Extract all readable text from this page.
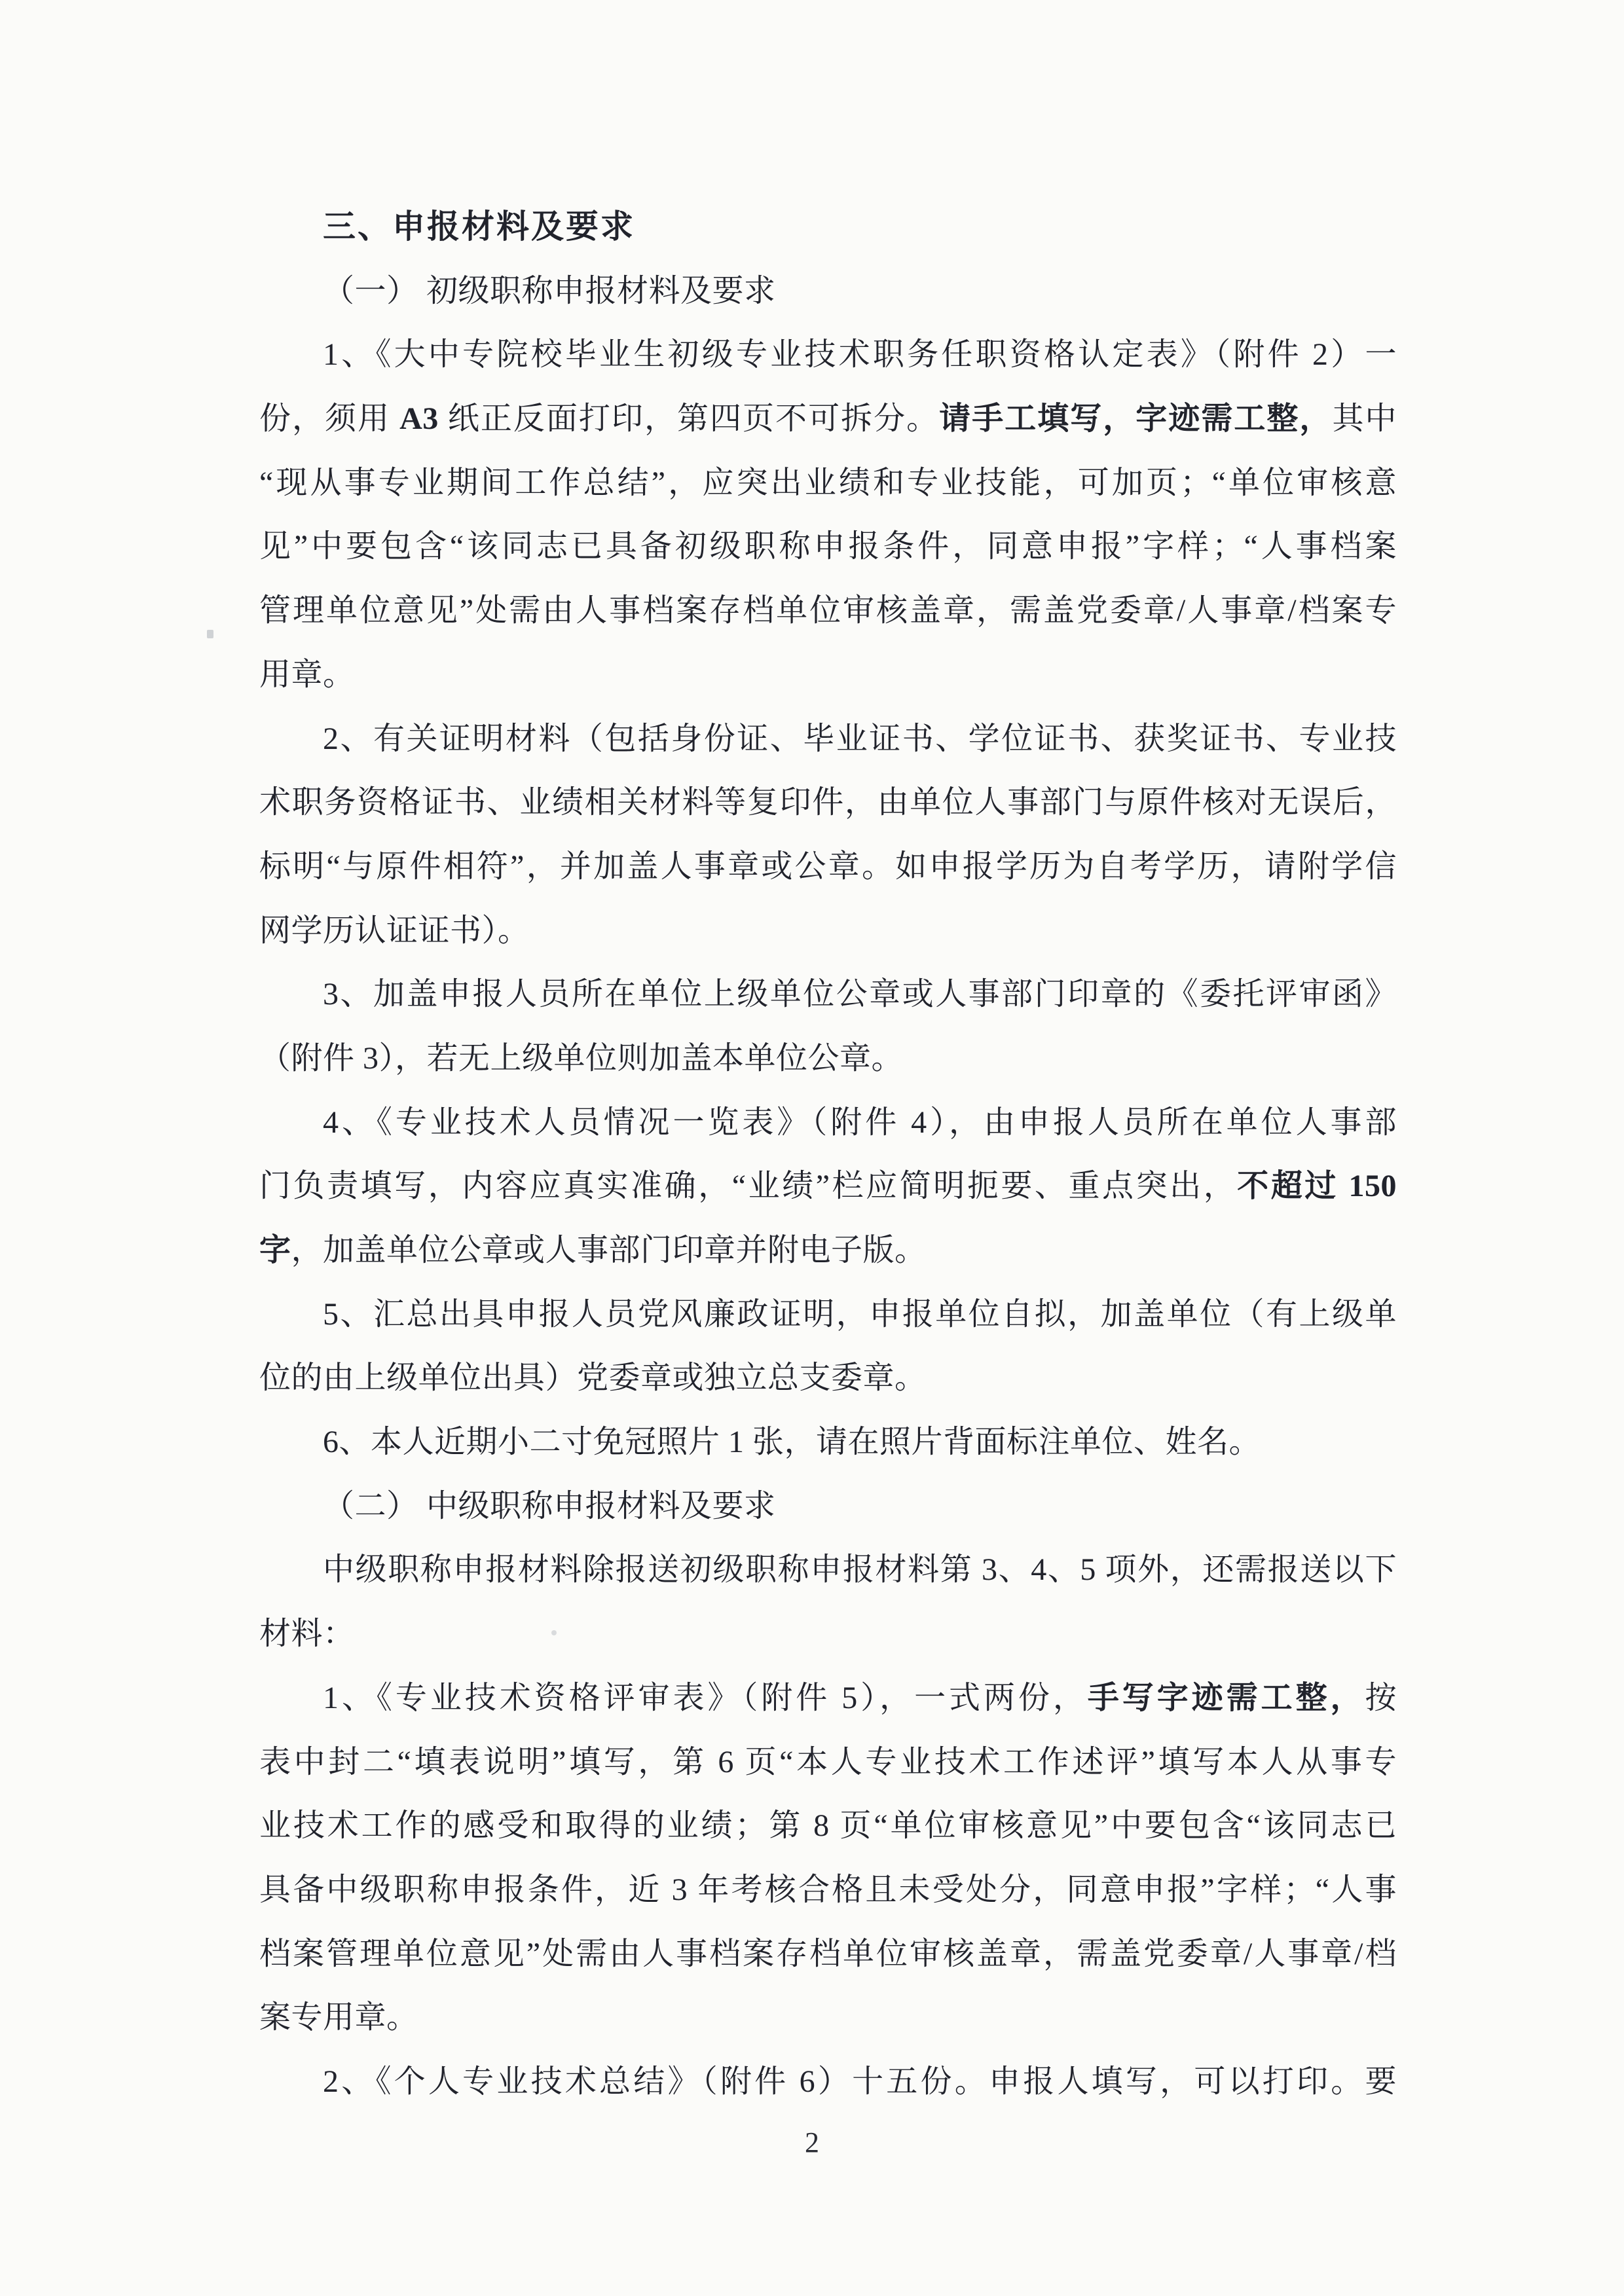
三、申报材料及要求
（一） 初级职称申报材料及要求
1、《大中专院校毕业生初级专业技术职务任职资格认定表》（附件 2）一
份，须用 A3 纸正反面打印，第四页不可拆分。请手工填写，字迹需工整，其中
“现从事专业期间工作总结”，应突出业绩和专业技能，可加页；“单位审核意
见”中要包含“该同志已具备初级职称申报条件，同意申报”字样；“人事档案
管理单位意见”处需由人事档案存档单位审核盖章，需盖党委章/人事章/档案专
用章。
2、有关证明材料（包括身份证、毕业证书、学位证书、获奖证书、专业技
术职务资格证书、业绩相关材料等复印件，由单位人事部门与原件核对无误后，
标明“与原件相符”，并加盖人事章或公章。如申报学历为自考学历，请附学信
网学历认证证书）。
3、加盖申报人员所在单位上级单位公章或人事部门印章的《委托评审函》
（附件 3），若无上级单位则加盖本单位公章。
4、《专业技术人员情况一览表》（附件 4），由申报人员所在单位人事部
门负责填写，内容应真实准确，“业绩”栏应简明扼要、重点突出，不超过 150
字，加盖单位公章或人事部门印章并附电子版。
5、汇总出具申报人员党风廉政证明，申报单位自拟，加盖单位（有上级单
位的由上级单位出具）党委章或独立总支委章。
6、本人近期小二寸免冠照片 1 张，请在照片背面标注单位、姓名。
（二） 中级职称申报材料及要求
中级职称申报材料除报送初级职称申报材料第 3、4、5 项外，还需报送以下
材料：
1、《专业技术资格评审表》（附件 5），一式两份，手写字迹需工整，按
表中封二“填表说明”填写，第 6 页“本人专业技术工作述评”填写本人从事专
业技术工作的感受和取得的业绩；第 8 页“单位审核意见”中要包含“该同志已
具备中级职称申报条件，近 3 年考核合格且未受处分，同意申报”字样；“人事
档案管理单位意见”处需由人事档案存档单位审核盖章，需盖党委章/人事章/档
案专用章。
2、《个人专业技术总结》（附件 6）十五份。申报人填写，可以打印。要
2
